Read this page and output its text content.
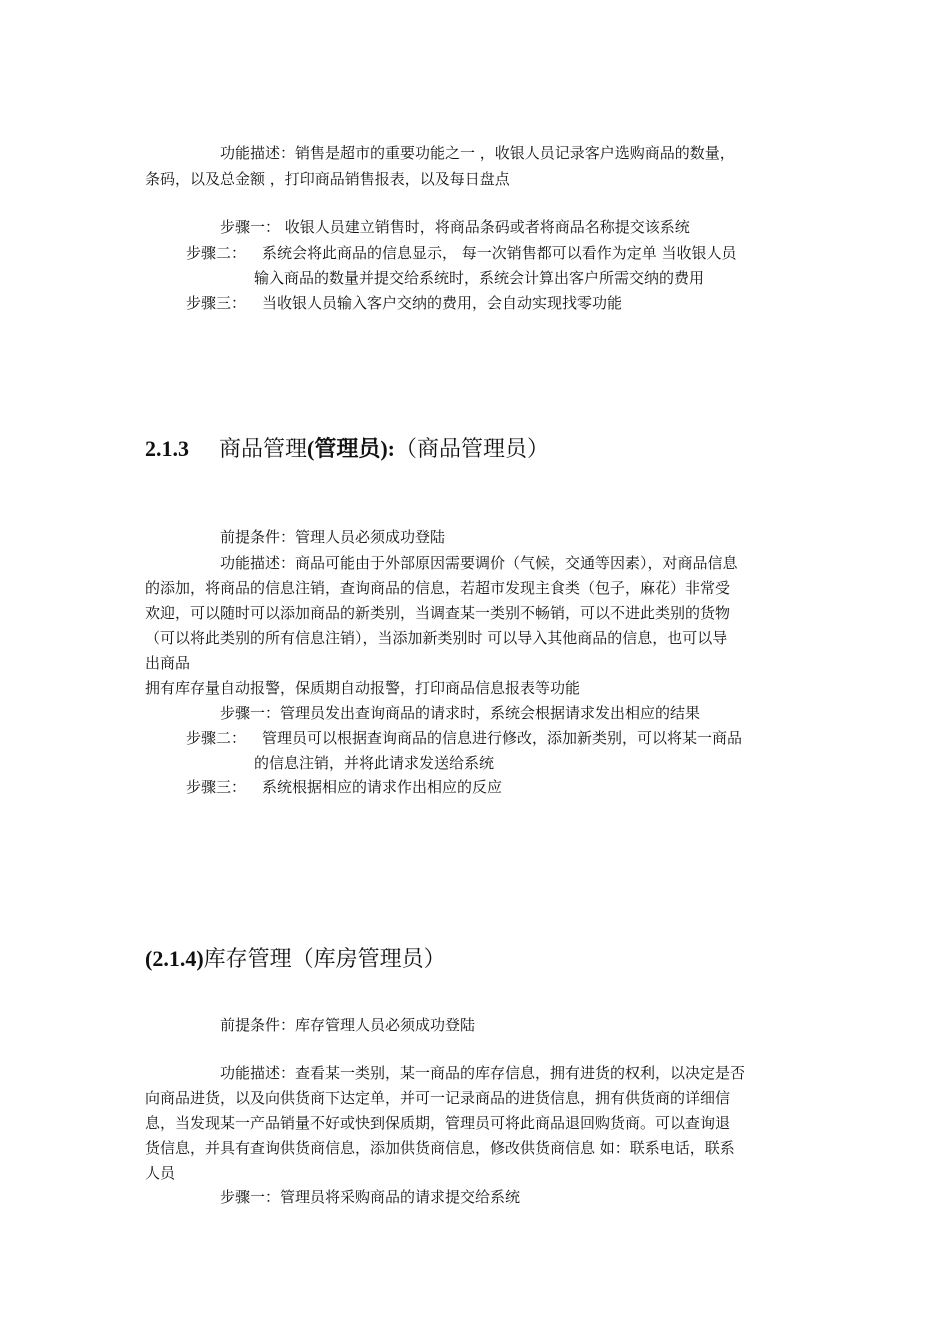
功能描述：销售是超市的重要功能之一 ，收银人员记录客户选购商品的数量，
条码，以及总金额 ，打印商品销售报表，以及每日盘点
步骤一： 收银人员建立销售时，将商品条码或者将商品名称提交该系统
步骤二： 系统会将此商品的信息显示， 每一次销售都可以看作为定单 当收银人员
输入商品的数量并提交给系统时，系统会计算出客户所需交纳的费用
步骤三： 当收银人员输入客户交纳的费用，会自动实现找零功能
2.1.3 商品管理(管理员):（商品管理员）
前提条件：管理人员必须成功登陆
功能描述：商品可能由于外部原因需要调价（气候，交通等因素），对商品信息
的添加，将商品的信息注销，查询商品的信息，若超市发现主食类（包子，麻花）非常受
欢迎，可以随时可以添加商品的新类别，当调查某一类别不畅销，可以不进此类别的货物
（可以将此类别的所有信息注销），当添加新类别时 可以导入其他商品的信息，也可以导
出商品
拥有库存量自动报警，保质期自动报警，打印商品信息报表等功能
步骤一：管理员发出查询商品的请求时，系统会根据请求发出相应的结果
步骤二： 管理员可以根据查询商品的信息进行修改，添加新类别，可以将某一商品
的信息注销，并将此请求发送给系统
步骤三： 系统根据相应的请求作出相应的反应
(2.1.4)库存管理（库房管理员）
前提条件：库存管理人员必须成功登陆
功能描述：查看某一类别，某一商品的库存信息，拥有进货的权利，以决定是否
向商品进货，以及向供货商下达定单，并可一记录商品的进货信息，拥有供货商的详细信
息，当发现某一产品销量不好或快到保质期，管理员可将此商品退回购货商。可以查询退
货信息，并具有查询供货商信息，添加供货商信息，修改供货商信息 如：联系电话，联系
人员
步骤一：管理员将采购商品的请求提交给系统
